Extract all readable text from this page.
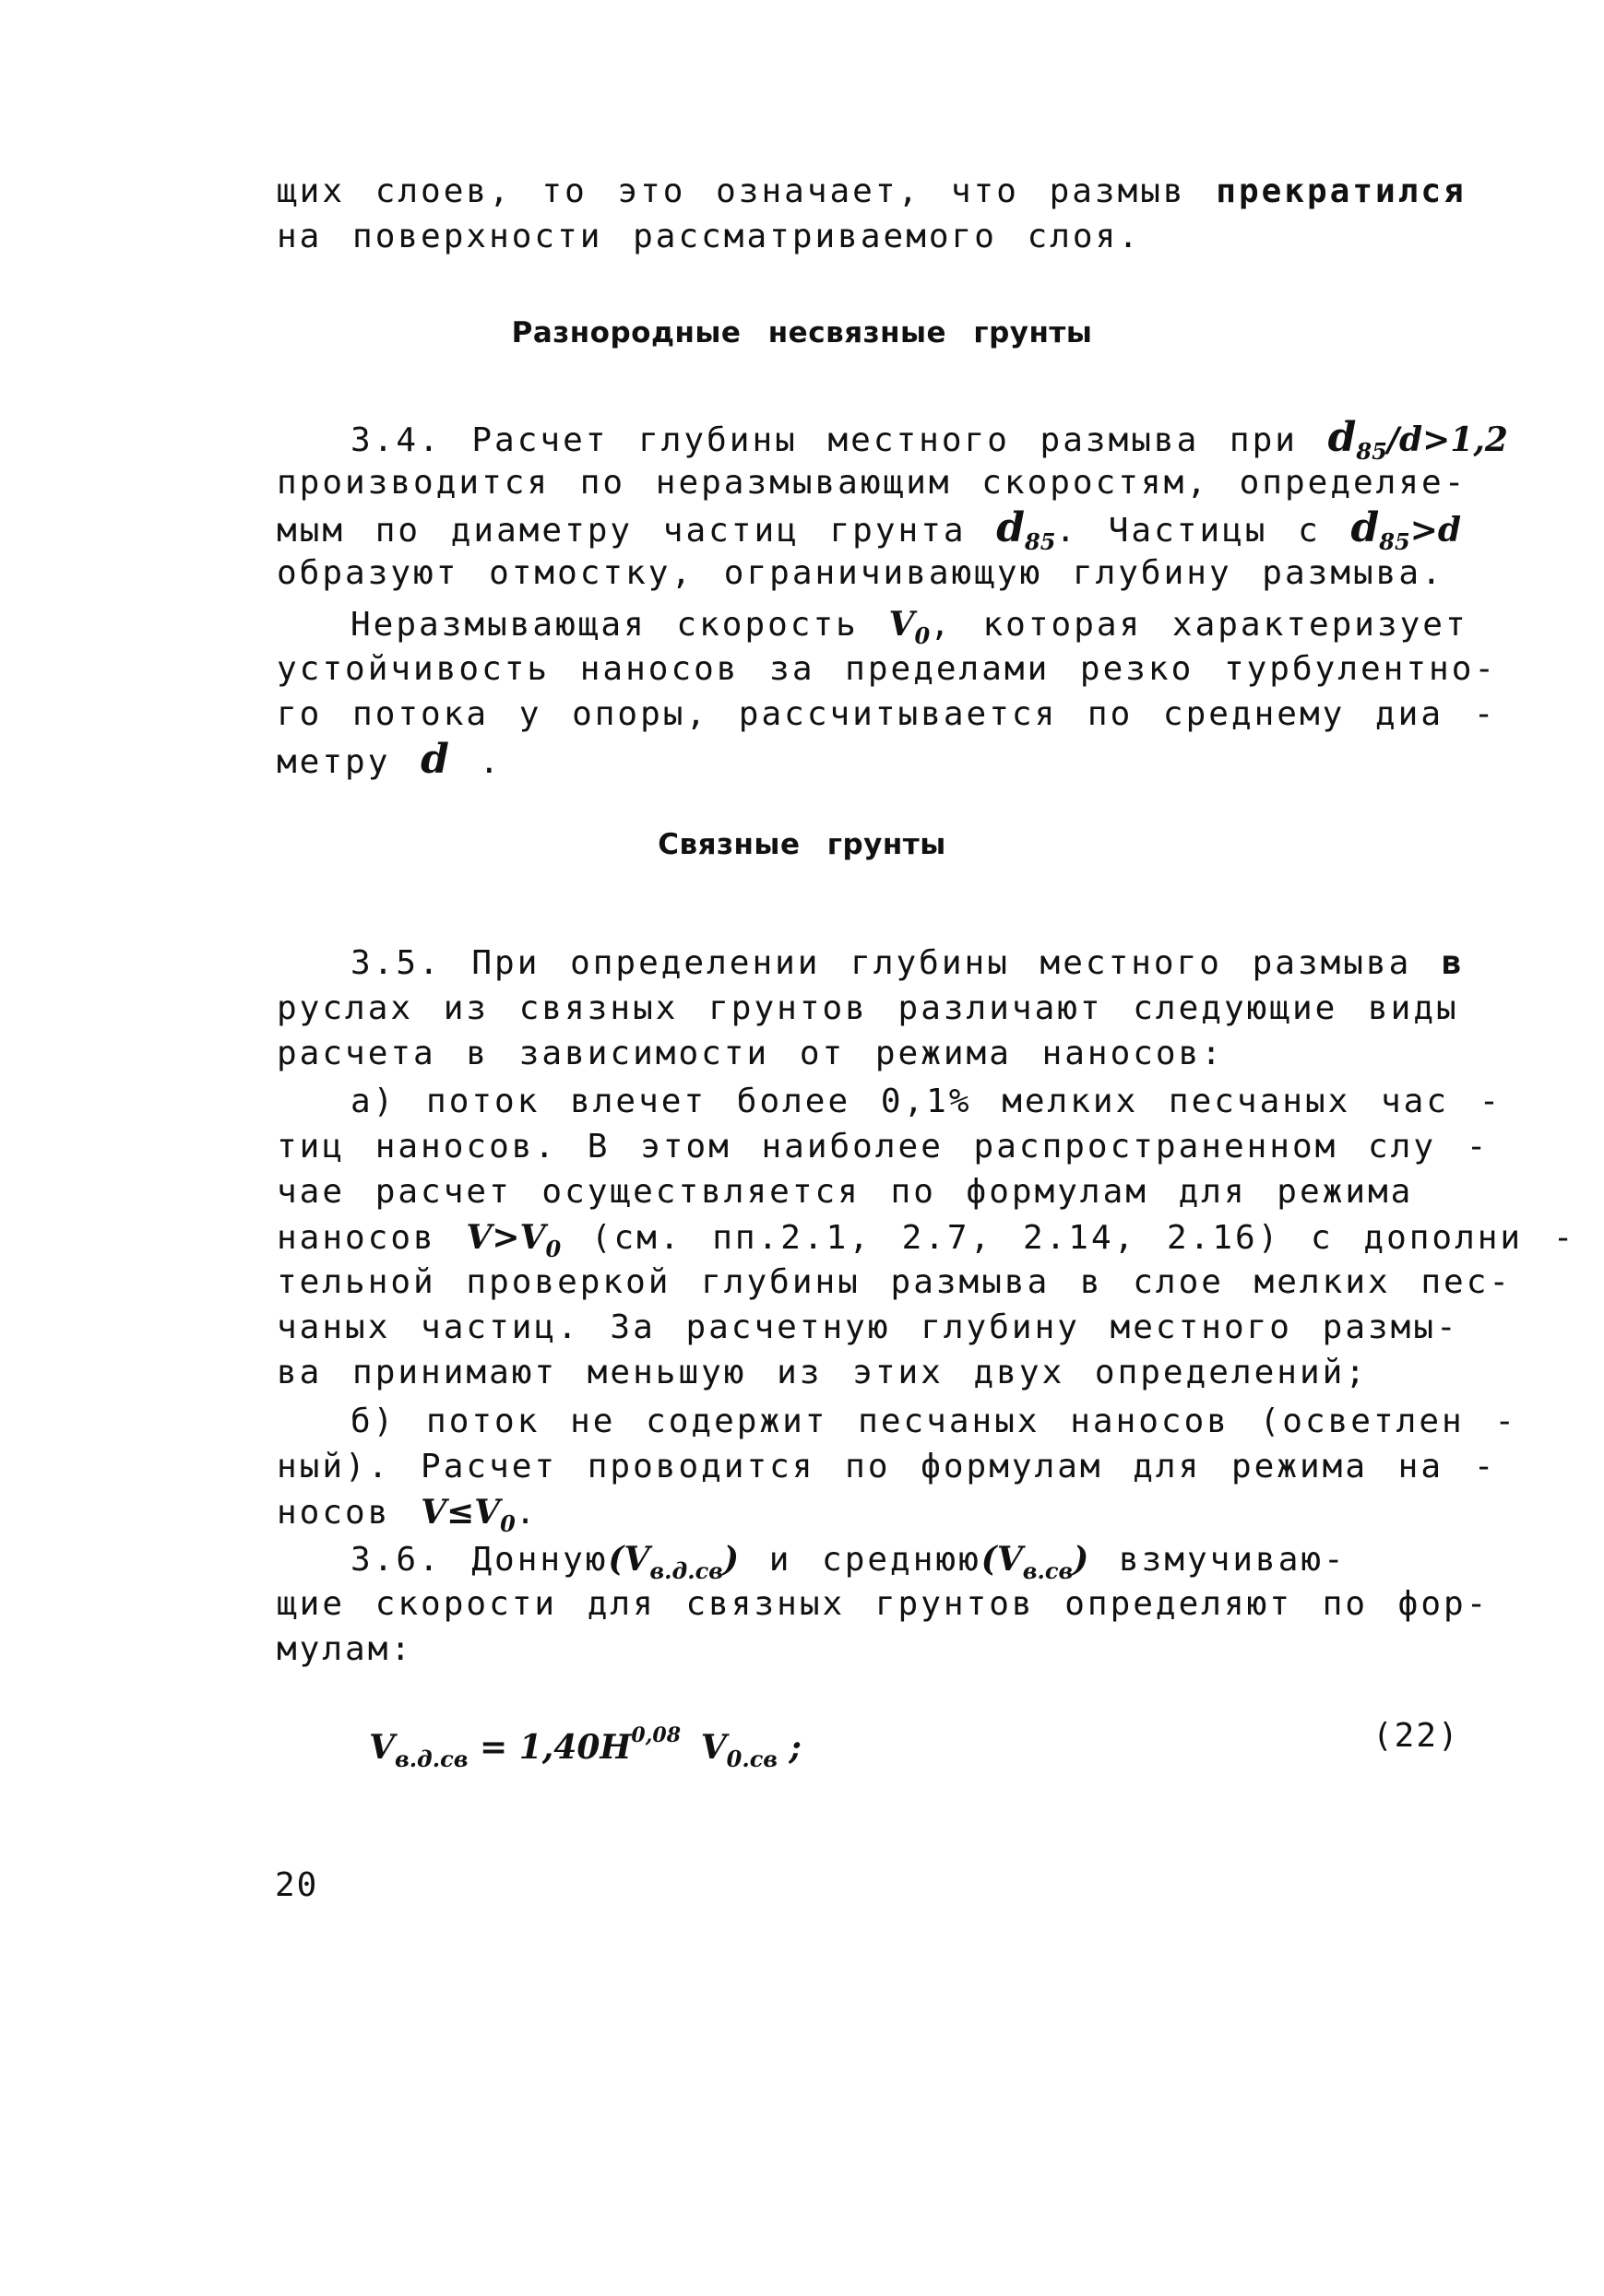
щих слоев, то это означает, что размыв прекратился
на поверхности рассматриваемого слоя.
Разнородные несвязные грунты
3.4. Расчет глубины местного размыва при $d_{85}/d>1,2$
производится по неразмывающим скоростям, определяе-
мым по диаметру частиц грунта $d_{85}$. Частицы с $d_{85}>d$
образуют отмостку, ограничивающую глубину размыва.
Неразмывающая скорость $V_0$, которая характеризует
устойчивость наносов за пределами резко турбулентно-
го потока у опоры, рассчитывается по среднему диа -
метру d .
Связные грунты
3.5. При определении глубины местного размыва в
руслах из связных грунтов различают следующие виды
расчета в зависимости от режима наносов:
а) поток влечет более 0,1% мелких песчаных час -
тиц наносов. В этом наиболее распространенном слу -
чае расчет осуществляется по формулам для режима
наносов $V>V_0$ (см. пп.2.1, 2.7, 2.14, 2.16) с дополни -
тельной проверкой глубины размыва в слое мелких пес-
чаных частиц. За расчетную глубину местного размы-
ва принимают меньшую из этих двух определений;
б) поток не содержит песчаных наносов (осветлен -
ный). Расчет проводится по формулам для режима на -
носов $V\le V_0$.
3.6. $Донную(V_{в.д.св})$ и $среднюю(V_{в.св})$ взмучиваю-
щие скорости для связных грунтов определяют по фор-
мулам:
$V_{в.д.св} = 1,40H^{0,08}$ $V_{0.св}$ ;	(22)
20
